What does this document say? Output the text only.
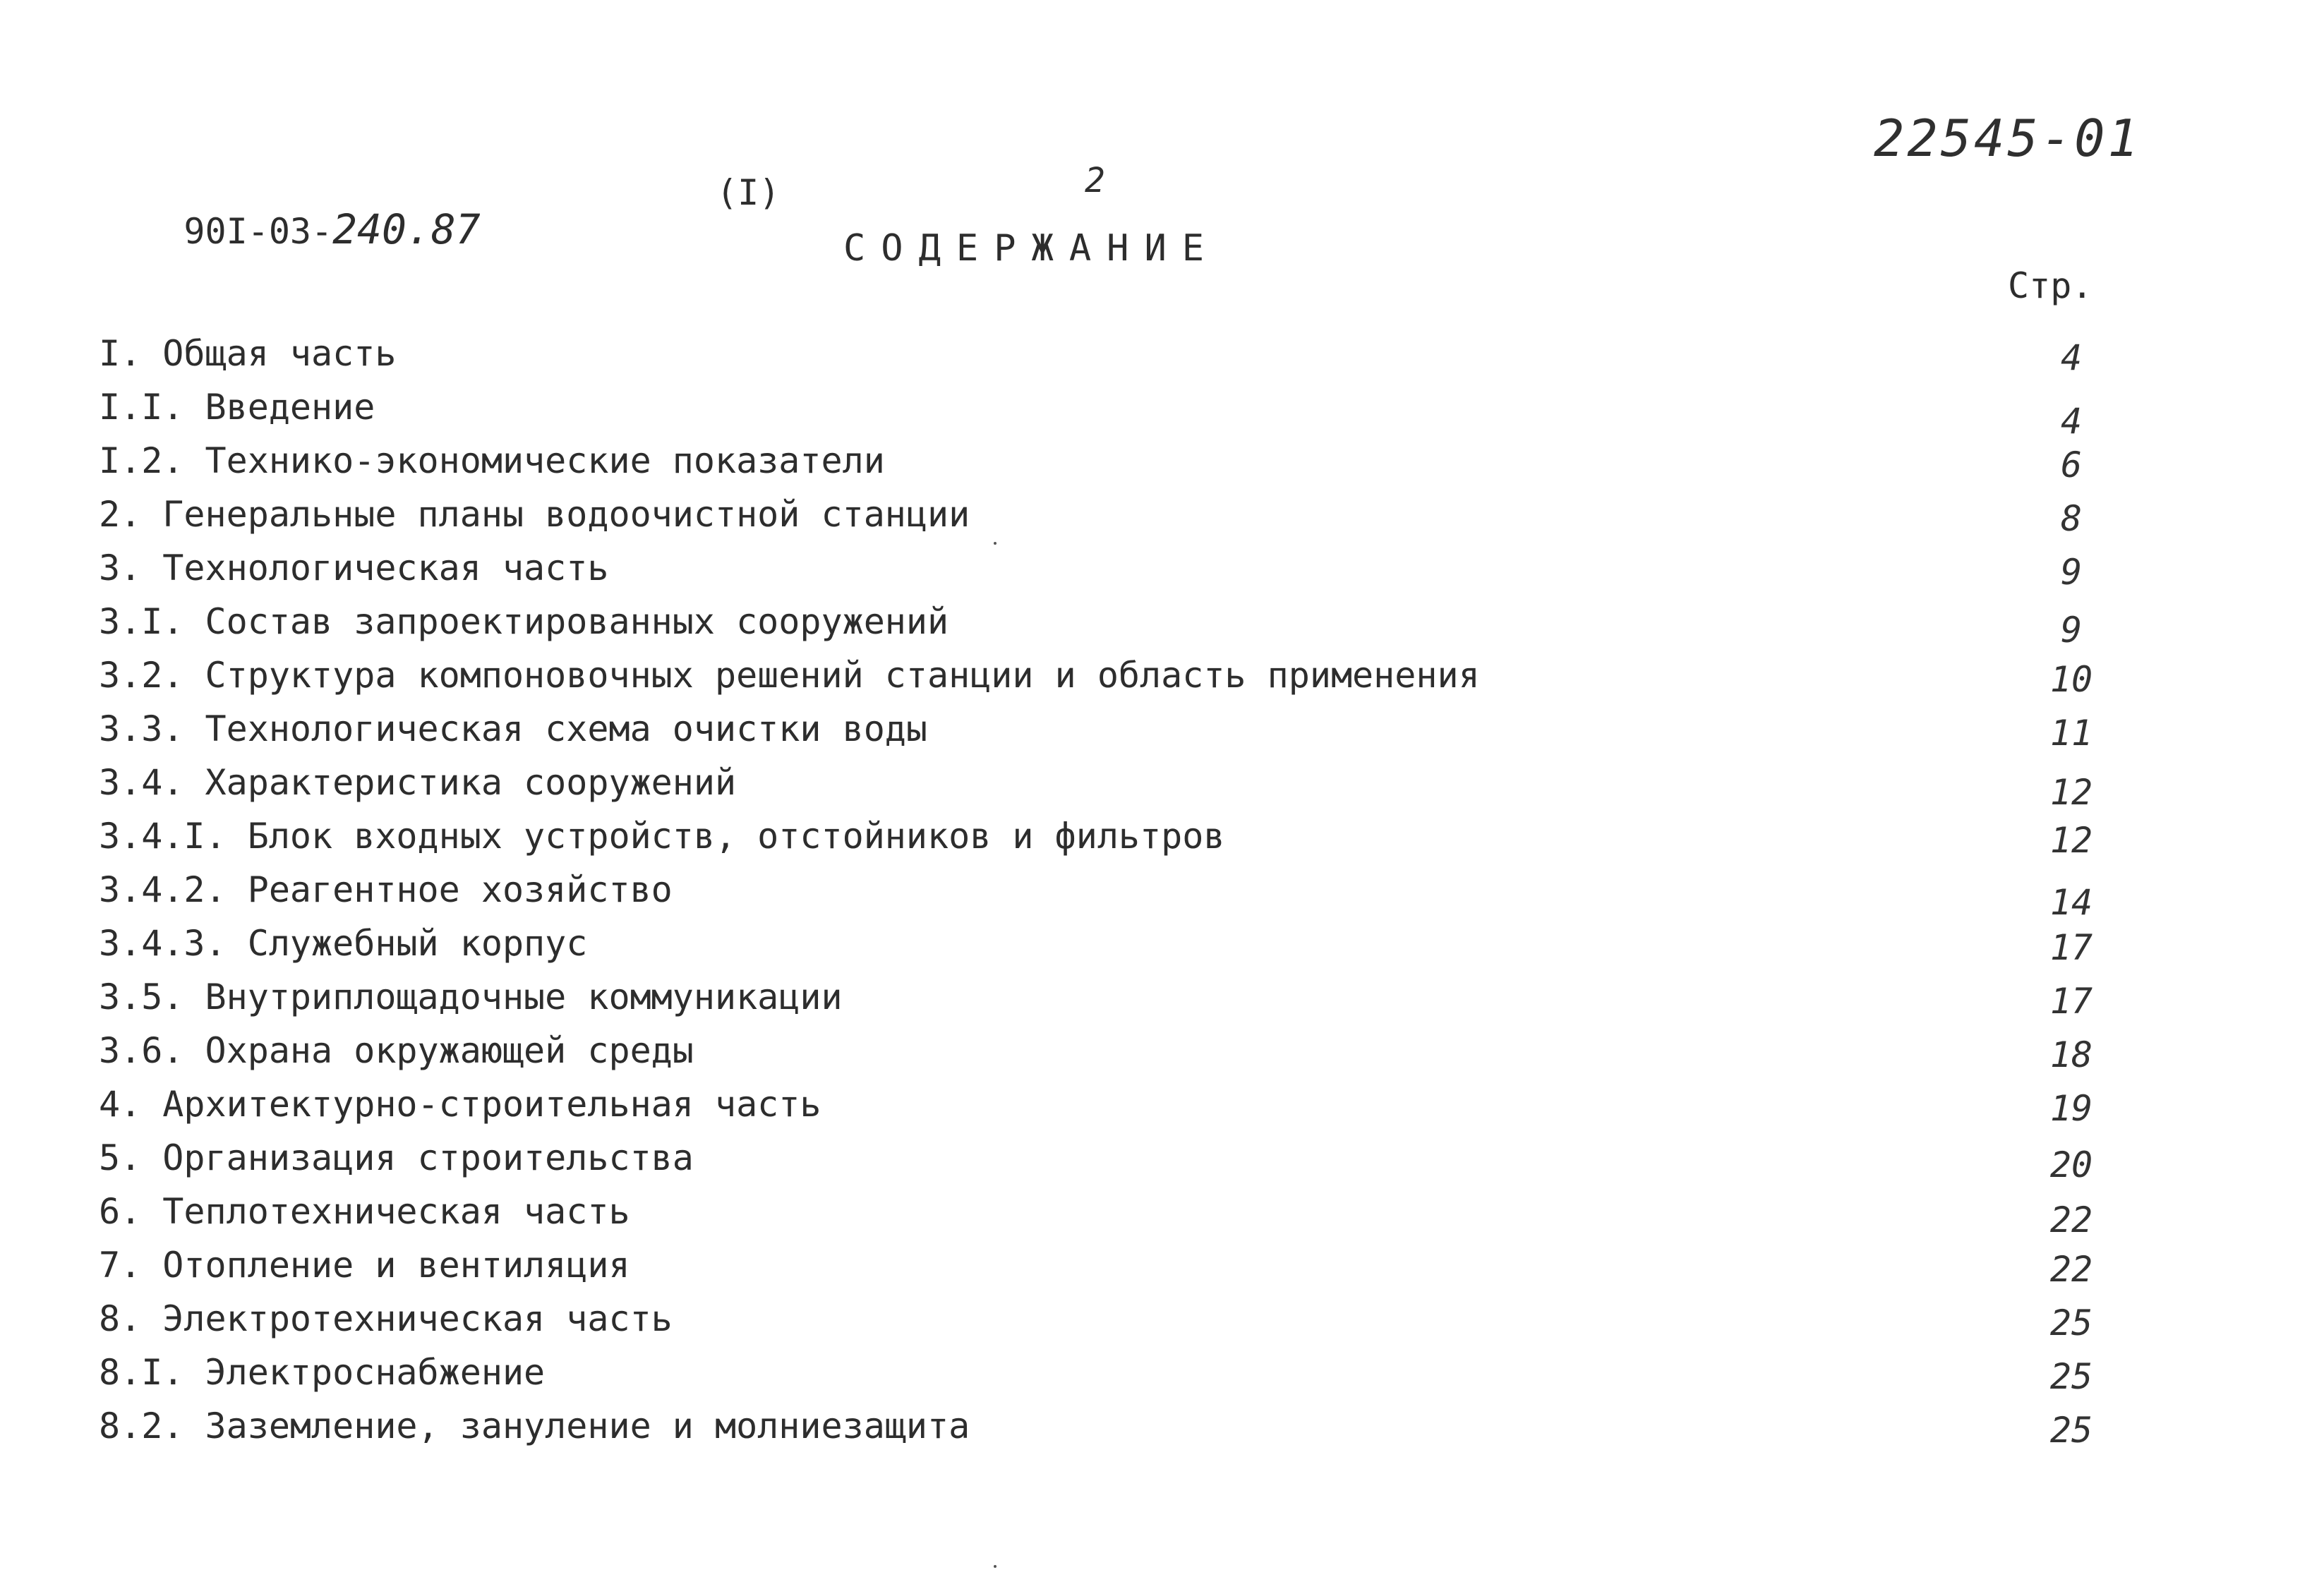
22545-01

90I-03-240.87

(I)	2
СОДЕРЖАНИЕ
Стр.
I. Общая часть	4
I.I. Введение	4
I.2. Технико-экономические показатели	6
2. Генеральные планы водоочистной станции	8
3. Технологическая часть	9
3.I. Состав запроектированных сооружений	9
3.2. Структура компоновочных решений станции и область применения	10
3.3. Технологическая схема очистки воды	11
3.4. Характеристика сооружений	12
3.4.I. Блок входных устройств, отстойников и фильтров	12
3.4.2. Реагентное хозяйство	14
3.4.3. Служебный корпус	17
3.5. Внутриплощадочные коммуникации	17
3.6. Охрана окружающей среды	18
4. Архитектурно-строительная часть	19
5. Организация строительства	20
6. Теплотехническая часть	22
7. Отопление и вентиляция	22
8. Электротехническая часть	25
8.I. Электроснабжение	25
8.2. Заземление, зануление и молниезащита	25
